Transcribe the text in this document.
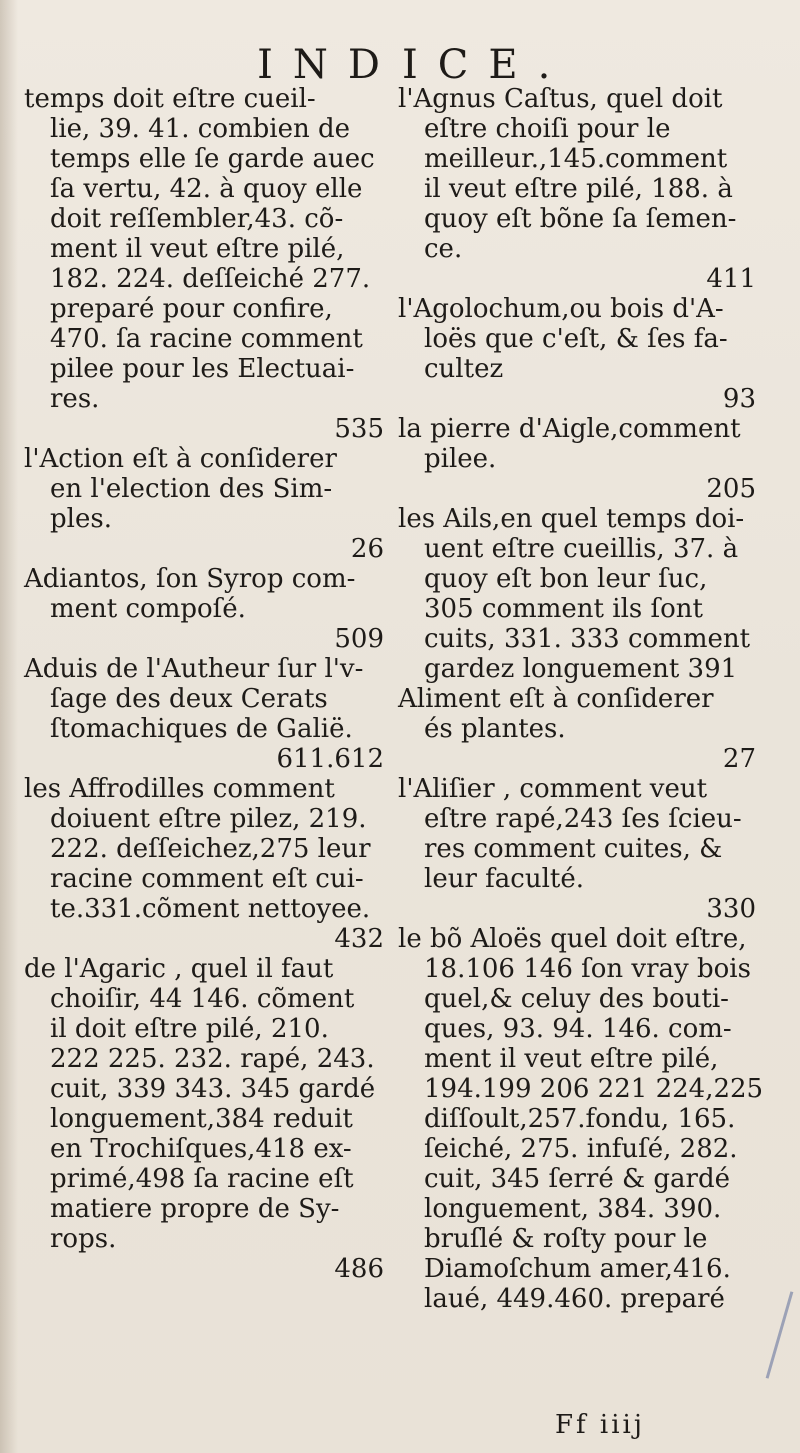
IND ICE.
temps doit eſtre cueil-
lie, 39. 41. combien de
temps elle ſe garde auec
ſa vertu, 42. à quoy elle
doit reſſembler,43. cõ-
ment il veut eſtre pilé,
182. 224. deſſeiché 277.
preparé pour confire,
470. ſa racine comment
pilee pour les Electuai-
res.
535
l'Action eſt à conſiderer
en l'election des Sim-
ples.
26
Adiantos, ſon Syrop com-
ment compoſé.
509
Aduis de l'Autheur ſur l'v-
ſage des deux Cerats
ſtomachiques de Galië.
611.612
les Affrodilles comment
doiuent eſtre pilez, 219.
222. deſſeichez,275 leur
racine comment eſt cui-
te.331.cõment nettoyee.
432
de l'Agaric , quel il faut
choiſir, 44 146. cõment
il doit eſtre pilé, 210.
222 225. 232. rapé, 243.
cuit, 339 343. 345 gardé
longuement,384 reduit
en Trochiſques,418 ex-
primé,498 ſa racine eſt
matiere propre de Sy-
rops.
486
l'Agnus Caſtus, quel doit
eſtre choiſi pour le
meilleur.,145.comment
il veut eſtre pilé, 188. à
quoy eſt bõne ſa ſemen-
ce.
411
l'Agolochum,ou bois d'A-
loës que c'eſt, & ſes fa-
cultez
93
la pierre d'Aigle,comment
pilee.
205
les Ails,en quel temps doi-
uent eſtre cueillis, 37. à
quoy eſt bon leur ſuc,
305 comment ils ſont
cuits, 331. 333 comment
gardez longuement 391
Aliment eſt à conſiderer
és plantes.
27
l'Aliſier , comment veut
eſtre rapé,243 ſes ſcieu-
res comment cuites, &
leur faculté.
330
le bõ Aloës quel doit eſtre,
18.106 146 ſon vray bois
quel,& celuy des bouti-
ques, 93. 94. 146. com-
ment il veut eſtre pilé,
194.199 206 221 224,225
diſſoult,257.fondu, 165.
ſeiché, 275. infuſé, 282.
cuit, 345 ſerré & gardé
longuement, 384. 390.
bruſlé & roſty pour le
Diamoſchum amer,416.
laué, 449.460. preparé
Ff iiij
